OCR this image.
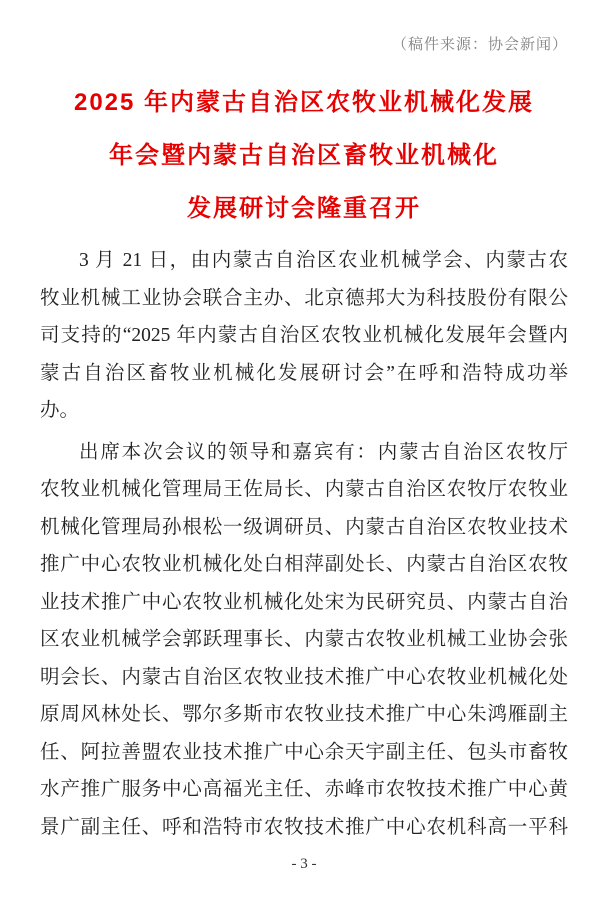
（稿件来源：协会新闻）
2025 年内蒙古自治区农牧业机械化发展
年会暨内蒙古自治区畜牧业机械化
发展研讨会隆重召开
3 月 21 日，由内蒙古自治区农业机械学会、内蒙古农
牧业机械工业协会联合主办、北京德邦大为科技股份有限公
司支持的“2025 年内蒙古自治区农牧业机械化发展年会暨内
蒙古自治区畜牧业机械化发展研讨会”在呼和浩特成功举
办。
出席本次会议的领导和嘉宾有：内蒙古自治区农牧厅
农牧业机械化管理局王佐局长、内蒙古自治区农牧厅农牧业
机械化管理局孙根松一级调研员、内蒙古自治区农牧业技术
推广中心农牧业机械化处白相萍副处长、内蒙古自治区农牧
业技术推广中心农牧业机械化处宋为民研究员、内蒙古自治
区农业机械学会郭跃理事长、内蒙古农牧业机械工业协会张
明会长、内蒙古自治区农牧业技术推广中心农牧业机械化处
原周风林处长、鄂尔多斯市农牧业技术推广中心朱鸿雁副主
任、阿拉善盟农业技术推广中心余天宇副主任、包头市畜牧
水产推广服务中心高福光主任、赤峰市农牧技术推广中心黄
景广副主任、呼和浩特市农牧技术推广中心农机科高一平科
- 3 -
